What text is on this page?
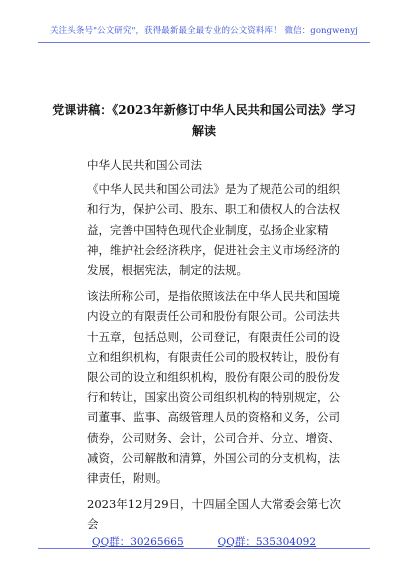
关注头条号"公文研究"，获得最新最全最专业的公文资料库！ 微信：gongwenyj
党课讲稿：《2023年新修订中华人民共和国公司法》学习
解读

中华人民共和国公司法

《中华人民共和国公司法》是为了规范公司的组织和行为，保护公司、股东、职工和债权人的合法权益，完善中国特色现代企业制度，弘扬企业家精神，维护社会经济秩序，促进社会主义市场经济的发展，根据宪法，制定的法规。

该法所称公司，是指依照该法在中华人民共和国境内设立的有限责任公司和股份有限公司。公司法共十五章，包括总则，公司登记，有限责任公司的设立和组织机构，有限责任公司的股权转让，股份有限公司的设立和组织机构，股份有限公司的股份发行和转让，国家出资公司组织机构的特别规定，公司董事、监事、高级管理人员的资格和义务，公司债券，公司财务、会计，公司合并、分立、增资、减资，公司解散和清算，外国公司的分支机构，法律责任，附则。

2023年12月29日，十四届全国人大常委会第七次会

QQ群：30265665	QQ群：535304092
